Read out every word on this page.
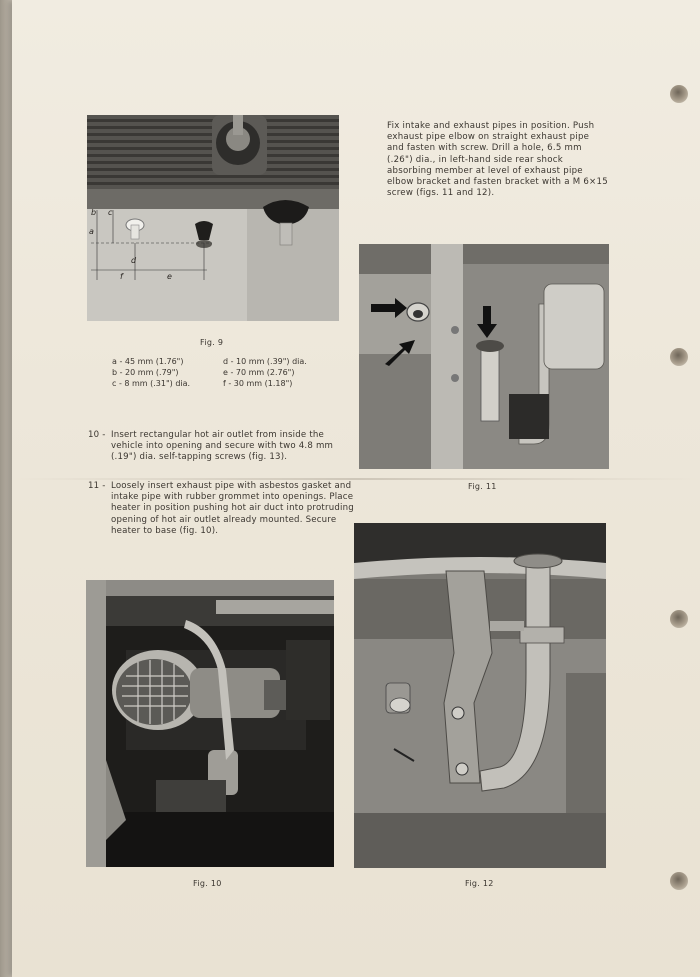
a
b c
d
e
f
Fig. 9
a - 45 mm (1.76")	d - 10 mm (.39") dia.
b - 20 mm (.79")	e - 70 mm (2.76")
c - 8 mm (.31") dia.	f - 30 mm (1.18")
10 - Insert rectangular hot air outlet from inside the vehicle into opening and secure with two 4.8 mm (.19") dia. self-tapping screws (fig. 13).
11 - Loosely insert exhaust pipe with asbestos gasket and intake pipe with rubber grommet into openings. Place heater in position pushing hot air duct into protruding opening of hot air outlet already mounted. Secure heater to base (fig. 10).
Fix intake and exhaust pipes in position. Push exhaust pipe elbow on straight exhaust pipe and fasten with screw. Drill a hole, 6.5 mm (.26") dia., in left-hand side rear shock absorbing member at level of exhaust pipe elbow bracket and fasten bracket with a M 6×15 screw (figs. 11 and 12).
Fig. 11
Fig. 10	Fig. 12
